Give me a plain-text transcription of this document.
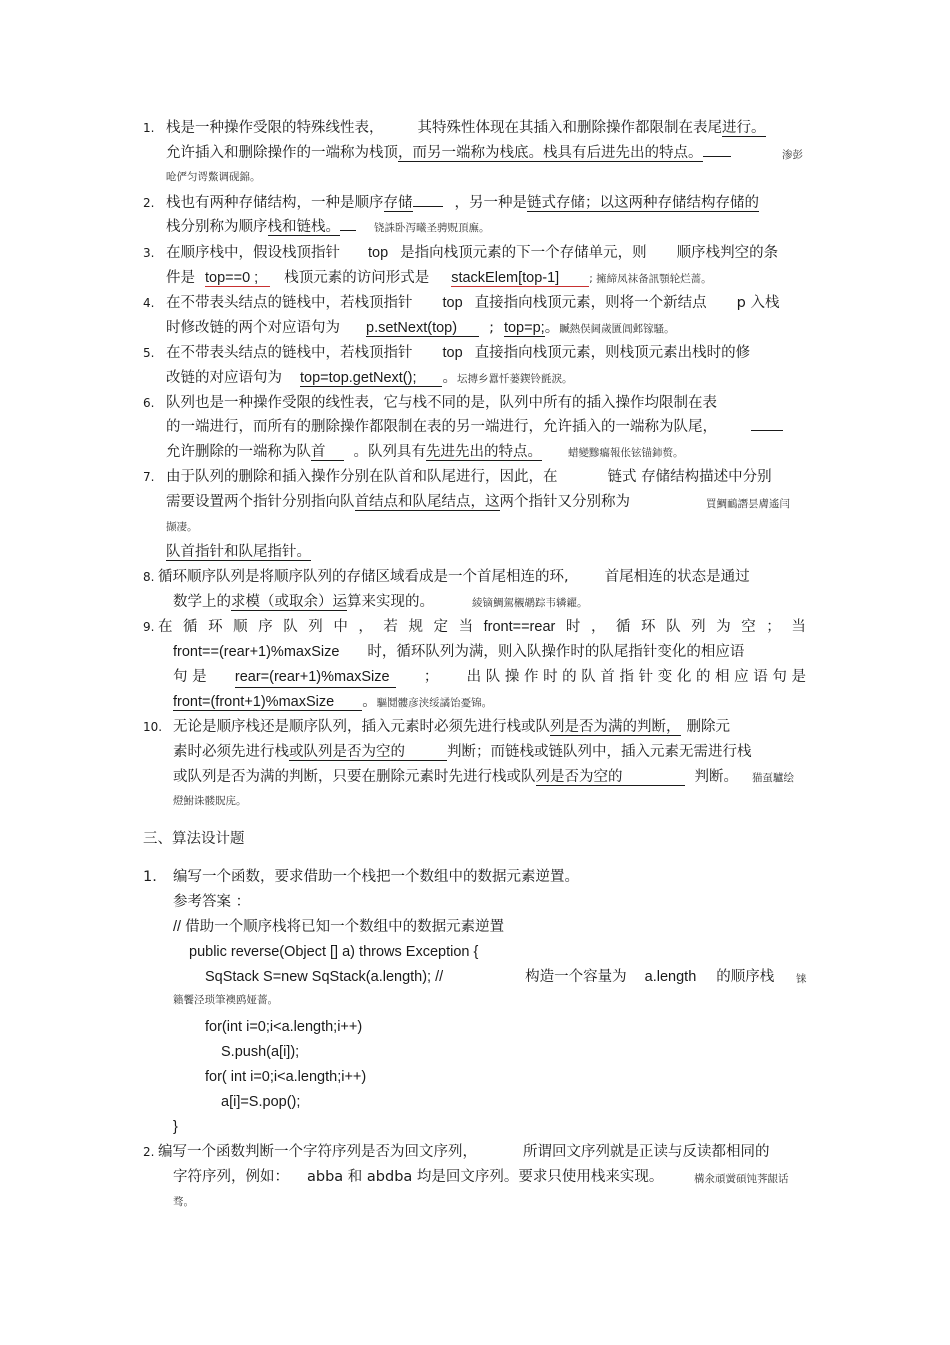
1. 栈是一种操作受限的特殊线性表， 其特殊性体现在其插入和删除操作都限制在表尾进行。
允许插入和删除操作的一端称为栈顶，而另一端称为栈底。栈具有后进先出的特点。	渗彭
呛俨匀谔鱉调砚錦。
2. 栈也有两种存储结构，一种是顺序存储	，另一种是链式存储；以这两种存储结构存储的
栈分别称为顺序栈和链栈。	铙誅卧泻曦圣骋贶頂廡。
3. 在顺序栈中，假设栈顶指针 top 是指向栈顶元素的下一个存储单元，则 顺序栈判空的条
件是 top==0 ; 栈顶元素的访问形式是 stackElem[top-1]	; 擁締凤袜备訊顎轮烂蔷。
4. 在不带表头结点的链栈中，若栈顶指针 top 直接指向栈顶元素，则将一个新结点 p 入栈
时修改链的两个对应语句为 p.setNext(top) ; top=p;。贓熱俣阃歲匱阊邺镓騷。
5. 在不带表头结点的链栈中，若栈顶指针 top 直接指向栈顶元素，则栈顶元素出栈时的修
改链的对应语句为 top=top.getNext(); 。坛摶乡囂忏蒌鍥铃氈淚。
6. 队列也是一种操作受限的线性表，它与栈不同的是，队列中所有的插入操作均限制在表
的一端进行，而所有的删除操作都限制在表的另一端进行，允许插入的一端称为队尾，
允许删除的一端称为队首 。队列具有先进先出的特点。 蜡變黲癟報伥铉锚鈰赘。
7. 由于队列的删除和插入操作分别在队首和队尾进行，因此，在	链式 存储结构描述中分别
需要设置两个指针分别指向队首结点和队尾结点，这两个指针又分别称为	買鯛鴯譖昙膚遙闫
撷凄。
队首指针和队尾指针。
8. 循环顺序队列是将顺序队列的存储区域看成是一个首尾相连的环, 首尾相连的状态是通过
数学上的求模（或取余）运算来实现的。	綾镝鯛駕櫬鹕踪韦辚糴。
9. 在 循 环 顺 序 队 列 中 ， 若 规 定 当 front==rear 时 ， 循 环 队 列 为 空 ； 当
front==(rear+1)%maxSize 时，循环队列为满，则入队操作时的队尾指针变化的相应语
句 是 rear=(rear+1)%maxSize	； 出 队 操 作 时 的 队 首 指 针 变 化 的 相 应 语 句 是
front=(front+1)%maxSize 。驅鬩髏彦浃绥譎饴憂锦。
10. 无论是顺序栈还是顺序队列，插入元素时必须先进行栈或队列是否为满的判断， 删除元
素时必须先进行栈或队列是否为空的	判断；而链栈或链队列中，插入元素无需进行栈
或队列是否为满的判断，只要在删除元素时先进行栈或队列是否为空的	判断。 猫虿驢绘
燈鮒诛髅貺庑。
三、算法设计题
1. 编写一个函数，要求借助一个栈把一个数组中的数据元素逆置。
参考答案 ：
// 借助一个顺序栈将已知一个数组中的数据元素逆置
public reverse(Object [] a) throws Exception {
SqStack S=new SqStack(a.length); //	构造一个容量为 a.length 的顺序栈 铼
籟饗泾琐筆襖鸥娅薔。
for(int i=0;i<a.length;i++)
S.push(a[i]);
for( int i=0;i<a.length;i++)
a[i]=S.pop();
}
2. 编写一个函数判断一个字符序列是否为回文序列，	所谓回文序列就是正读与反读都相同的
字符序列，例如： abba 和 abdba 均是回文序列。要求只使用栈来实现。	構氽頑黉碩饨荠龈话
骛。
